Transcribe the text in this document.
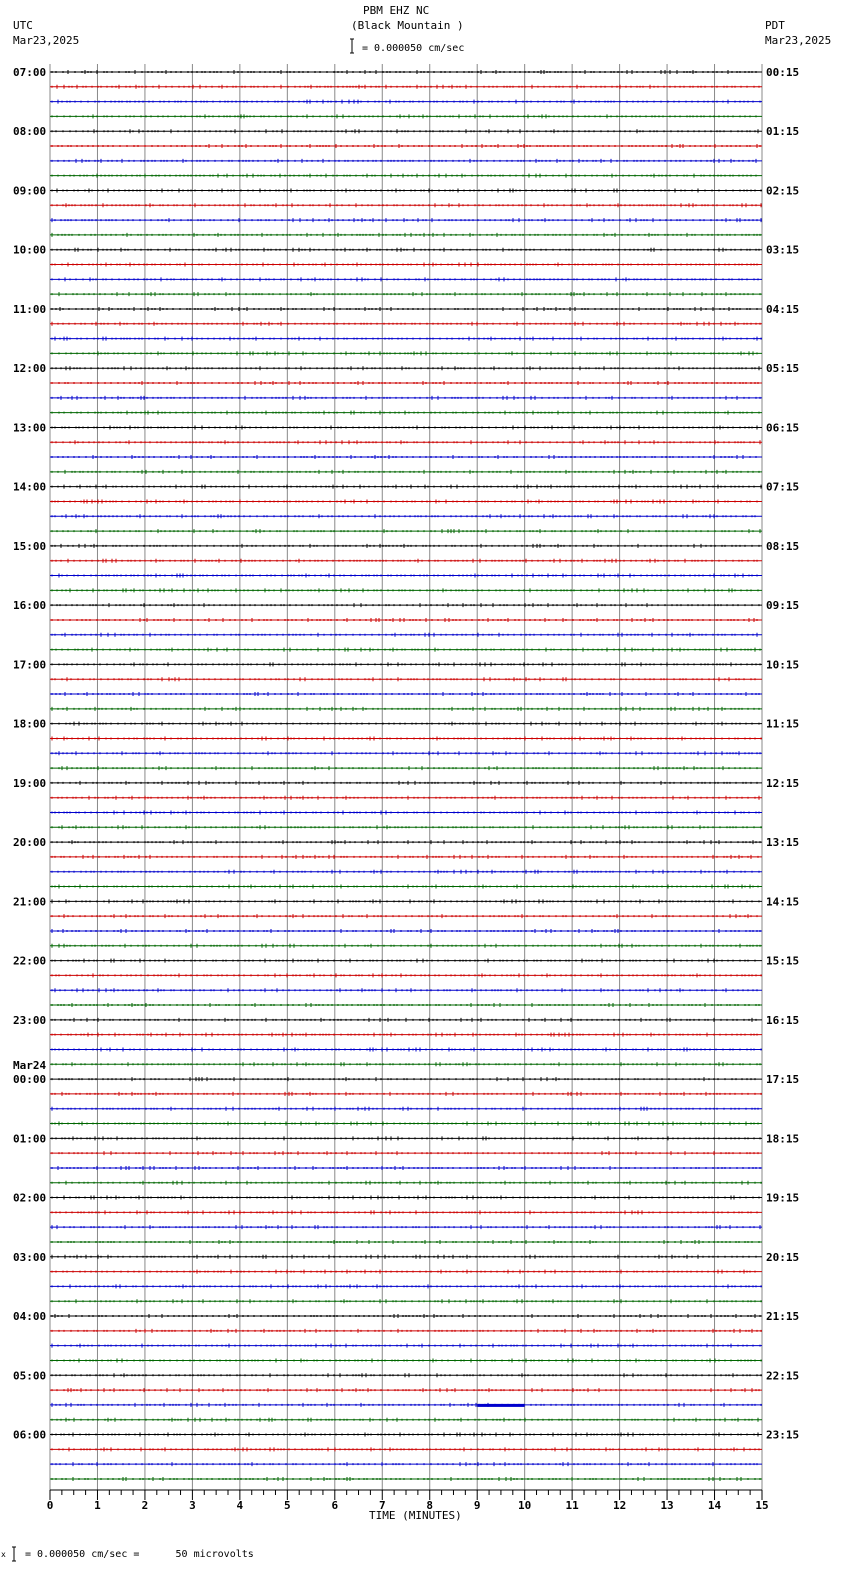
PBM EHZ NC
(Black Mountain )
= 0.000050 cm/sec
UTC
Mar23,2025
PDT
Mar23,2025
0	1	2	3	4	5	6	7	8	9	10	11	12	13	14	15
07:00
08:00
09:00
10:00
11:00
12:00
13:00
14:00
15:00
16:00
17:00
18:00
19:00
20:00
21:00
22:00
23:00
00:00
Mar24
01:00
02:00
03:00
04:00
05:00
06:00
00:15
01:15
02:15
03:15
04:15
05:15
06:15
07:15
08:15
09:15
10:15
11:15
12:15
13:15
14:15
15:15
16:15
17:15
18:15
19:15
20:15
21:15
22:15
23:15
TIME (MINUTES)
x = 0.000050 cm/sec =      50 microvolts
